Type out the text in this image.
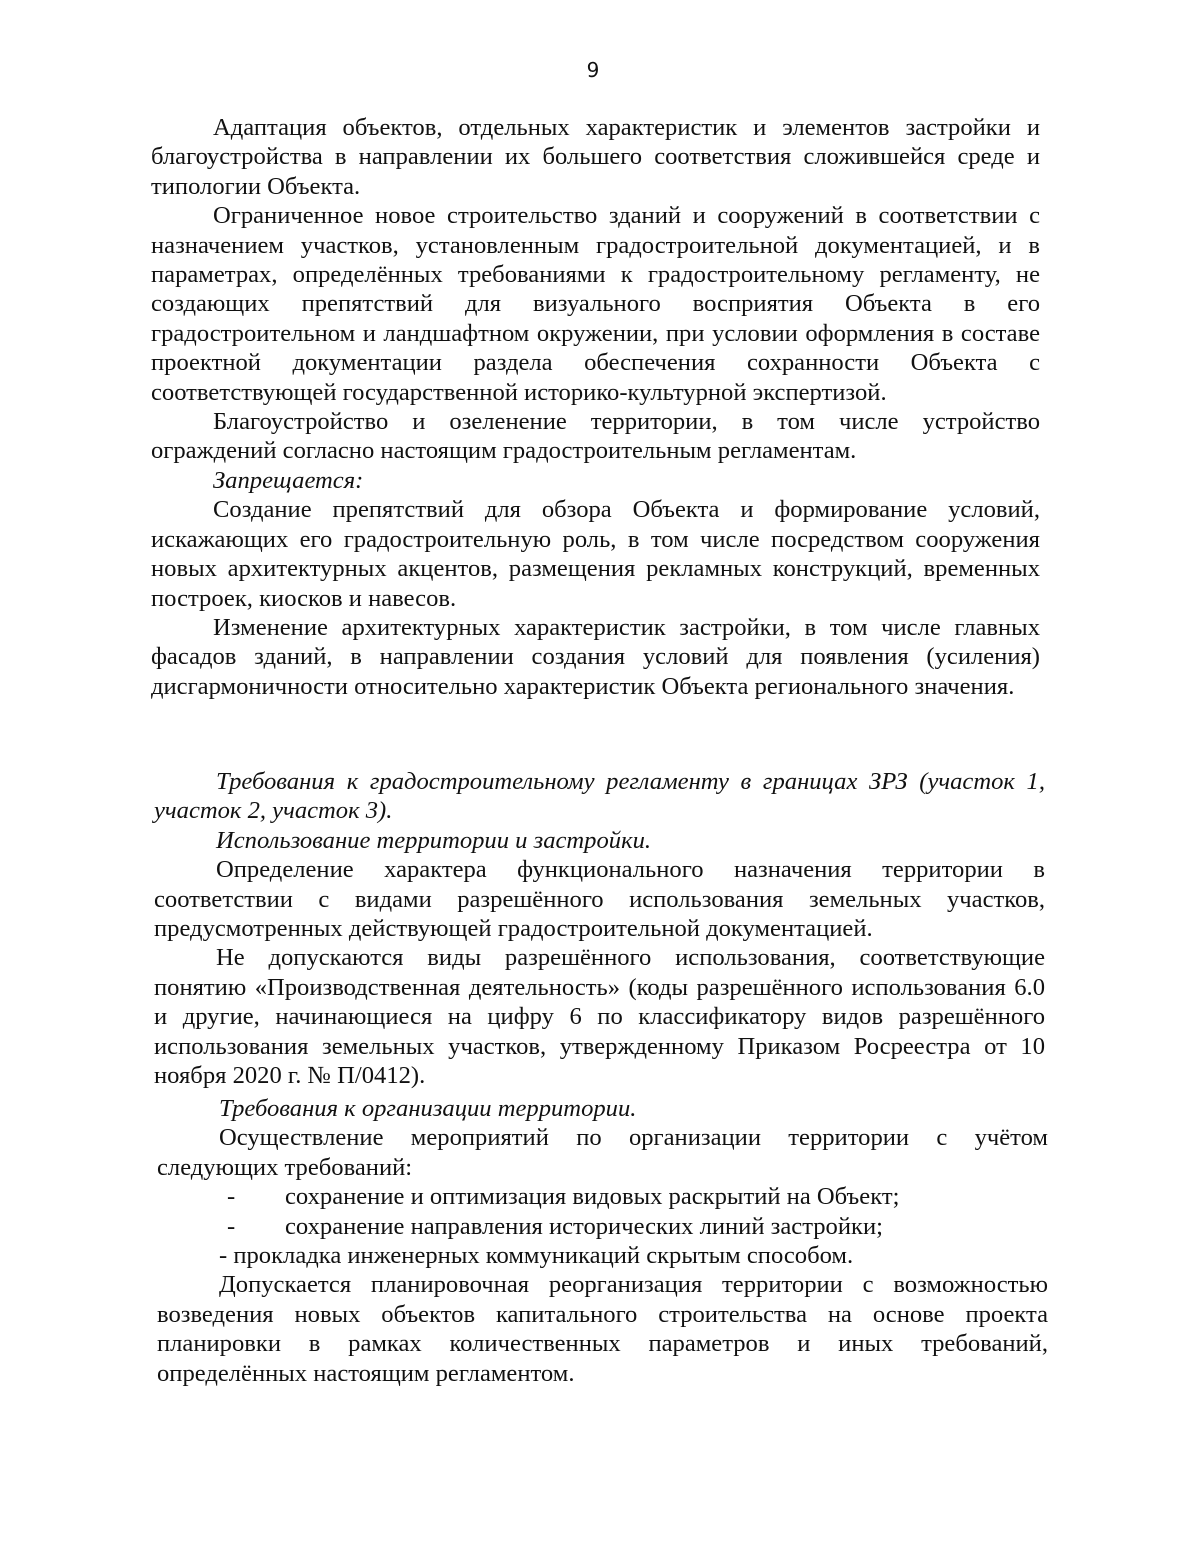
9

Адаптация объектов, отдельных характеристик и элементов застройки и благоустройства в направлении их большего соответствия сложившейся среде и типологии Объекта.

Ограниченное новое строительство зданий и сооружений в соответствии с назначением участков, установленным градостроительной документацией, и в параметрах, определённых требованиями к градостроительному регламенту, не создающих препятствий для визуального восприятия Объекта в его градостроительном и ландшафтном окружении, при условии оформления в составе проектной документации раздела обеспечения сохранности Объекта с соответствующей государственной историко-культурной экспертизой.

Благоустройство и озеленение территории, в том числе устройство ограждений согласно настоящим градостроительным регламентам.

Запрещается:

Создание препятствий для обзора Объекта и формирование условий, искажающих его градостроительную роль, в том числе посредством сооружения новых архитектурных акцентов, размещения рекламных конструкций, временных построек, киосков и навесов.

Изменение архитектурных характеристик застройки, в том числе главных фасадов зданий, в направлении создания условий для появления (усиления) дисгармоничности относительно характеристик Объекта регионального значения.

Требования к градостроительному регламенту в границах ЗРЗ (участок 1, участок 2, участок 3).

Использование территории и застройки.

Определение характера функционального назначения территории в соответствии с видами разрешённого использования земельных участков, предусмотренных действующей градостроительной документацией.

Не допускаются виды разрешённого использования, соответствующие понятию «Производственная деятельность» (коды разрешённого использования 6.0 и другие, начинающиеся на цифру 6 по классификатору видов разрешённого использования земельных участков, утвержденному Приказом Росреестра от 10 ноября 2020 г. № П/0412).

Требования к организации территории.

Осуществление мероприятий по организации территории с учётом следующих требований:

- сохранение и оптимизация видовых раскрытий на Объект;

- сохранение направления исторических линий застройки;

- прокладка инженерных коммуникаций скрытым способом.

Допускается планировочная реорганизация территории с возможностью возведения новых объектов капитального строительства на основе проекта планировки в рамках количественных параметров и иных требований, определённых настоящим регламентом.
